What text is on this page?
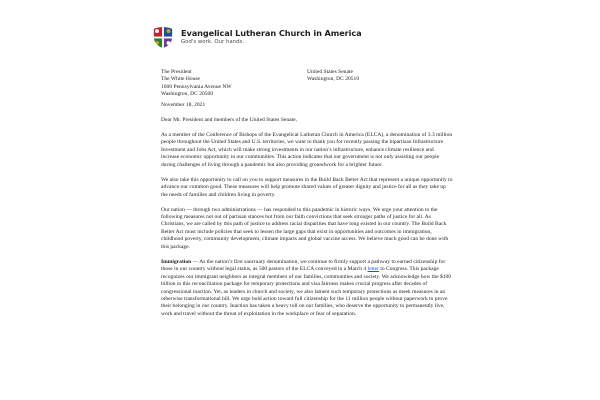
Evangelical Lutheran Church in America
God's work. Our hands.
The President
The White House
1600 Pennsylvania Avenue NW
Washington, DC 20500
United States Senate
Washington, DC 20510
November 18, 2021
Dear Mr. President and members of the United States Senate,

As a member of the Conference of Bishops of the Evangelical Lutheran Church in America (ELCA), a denomination of 3.3 million people throughout the United States and U.S. territories, we want to thank you for recently passing the bipartisan Infrastructure Investment and Jobs Act, which will make strong investments in our nation’s infrastructure, enhance climate resilience and increase economic opportunity in our communities. This action indicates that our government is not only assisting our people during challenges of living through a pandemic but also providing groundwork for a brighter future.

We also take this opportunity to call on you to support measures in the Build Back Better Act that represent a unique opportunity to advance our common good. These measures will help promote shared values of greater dignity and justice for all as they take up the needs of families and children living in poverty.

Our nation — through two administrations — has responded to this pandemic in historic ways. We urge your attention to the following measures not out of partisan stances but from our faith convictions that seek stronger paths of justice for all. As Christians, we are called by this path of justice to address racial disparities that have long existed in our country. The Build Back Better Act must include policies that seek to lessen the large gaps that exist in opportunities and outcomes in immigration, childhood poverty, community development, climate impacts and global vaccine access. We believe much good can be done with this package.

Immigration — As the nation’s first sanctuary denomination, we continue to firmly support a pathway to earned citizenship for those in our country without legal status, as 500 pastors of the ELCA conveyed in a March 4 letter to Congress. This package recognizes our immigrant neighbors as integral members of our families, communities and society. We acknowledge how the $100 billion in this reconciliation package for temporary protections and visa fairness makes crucial progress after decades of congressional inaction. Yet, as leaders in church and society, we also lament such temporary protections as meek measures in an otherwise transformational bill. We urge bold action toward full citizenship for the 11 million people without paperwork to prove their belonging in our country. Inaction has taken a heavy toll on our families, who deserve the opportunity to permanently live, work and travel without the threat of exploitation in the workplace or fear of separation.
